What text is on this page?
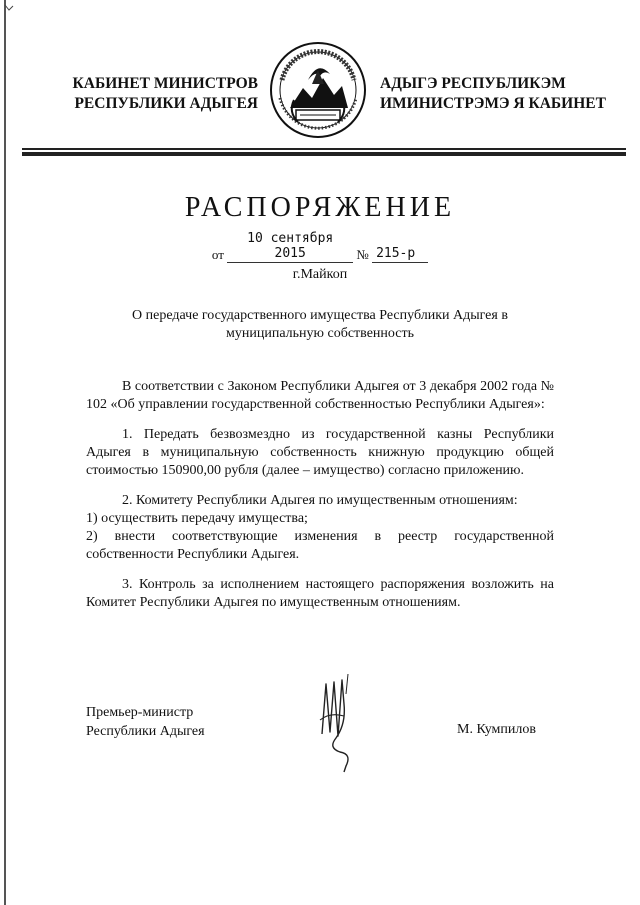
КАБИНЕТ МИНИСТРОВ
РЕСПУБЛИКИ АДЫГЕЯ
АДЫГЭ РЕСПУБЛИКЭМ
ИМИНИСТРЭМЭ Я КАБИНЕТ
РАСПОРЯЖЕНИЕ
от 10 сентября 2015	№ 215-р
г.Майкоп
О передаче государственного имущества Республики Адыгея в
муниципальную собственность

В соответствии с Законом Республики Адыгея от 3 декабря 2002 года № 102 «Об управлении государственной собственностью Республики Адыгея»:

1. Передать безвозмездно из государственной казны Республики Адыгея в муниципальную собственность книжную продукцию общей стоимостью 150900,00 рубля (далее – имущество) согласно приложению.

2. Комитету Республики Адыгея по имущественным отношениям:

1) осуществить передачу имущества;

2) внести соответствующие изменения в реестр государственной собственности Республики Адыгея.

3. Контроль за исполнением настоящего распоряжения возложить на Комитет Республики Адыгея по имущественным отношениям.

Премьер-министр
Республики Адыгея	М. Кумпилов
